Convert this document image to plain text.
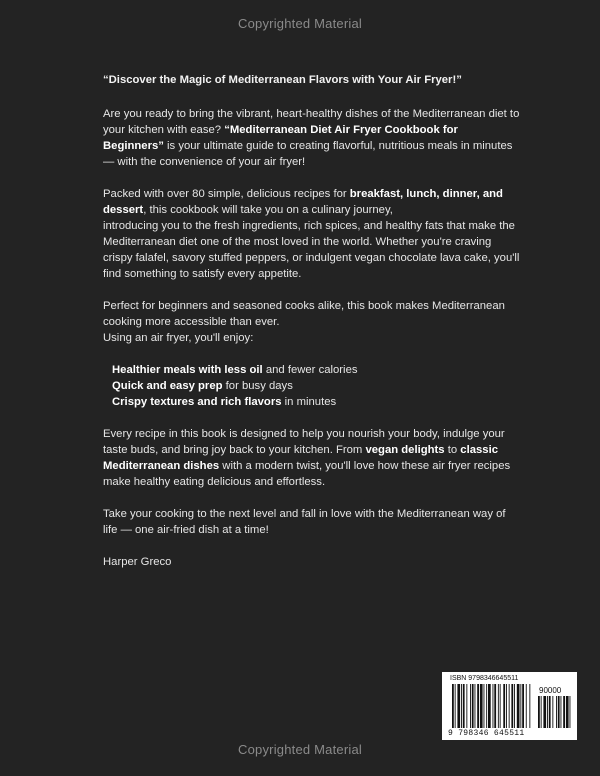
Copyrighted Material

“Discover the Magic of Mediterranean Flavors with Your Air Fryer!”

Are you ready to bring the vibrant, heart-healthy dishes of the Mediterranean diet to your kitchen with ease? “Mediterranean Diet Air Fryer Cookbook for Beginners” is your ultimate guide to creating flavorful, nutritious meals in minutes — with the convenience of your air fryer!

Packed with over 80 simple, delicious recipes for breakfast, lunch, dinner, and dessert, this cookbook will take you on a culinary journey,
introducing you to the fresh ingredients, rich spices, and healthy fats that make the Mediterranean diet one of the most loved in the world. Whether you're craving crispy falafel, savory stuffed peppers, or indulgent vegan chocolate lava cake, you'll find something to satisfy every appetite.

Perfect for beginners and seasoned cooks alike, this book makes Mediterranean cooking more accessible than ever.
Using an air fryer, you'll enjoy:

Healthier meals with less oil and fewer calories
Quick and easy prep for busy days
Crispy textures and rich flavors in minutes

Every recipe in this book is designed to help you nourish your body, indulge your taste buds, and bring joy back to your kitchen. From vegan delights to classic Mediterranean dishes with a modern twist, you'll love how these air fryer recipes make healthy eating delicious and effortless.

Take your cooking to the next level and fall in love with the Mediterranean way of life — one air-fried dish at a time!

Harper Greco

ISBN 9798346645511
90000
9 798346 645511
Copyrighted Material
